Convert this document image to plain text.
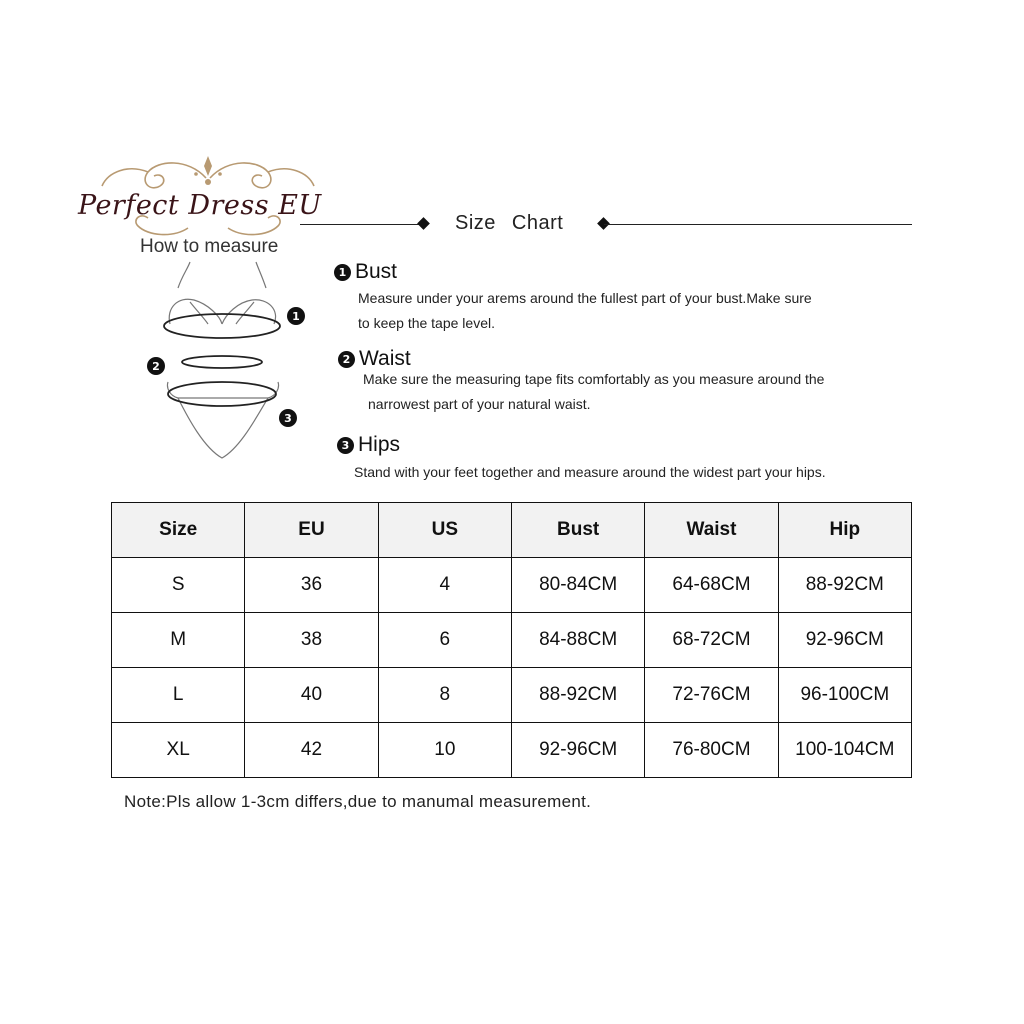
Perfect Dress EU
Size Chart
How to measure
1
2
3
1 Bust
Measure under your arems around the fullest part of your bust.Make sure
to keep the tape level.
2 Waist
Make sure the measuring tape fits comfortably as you measure around the
narrowest part of your natural waist.
3 Hips
Stand with your feet together and measure around the widest part your hips.
Size	EU	US	Bust	Waist	Hip
S	36	4	80-84CM	64-68CM	88-92CM
M	38	6	84-88CM	68-72CM	92-96CM
L	40	8	88-92CM	72-76CM	96-100CM
XL	42	10	92-96CM	76-80CM	100-104CM
Note:Pls allow 1-3cm differs,due to manumal measurement.
